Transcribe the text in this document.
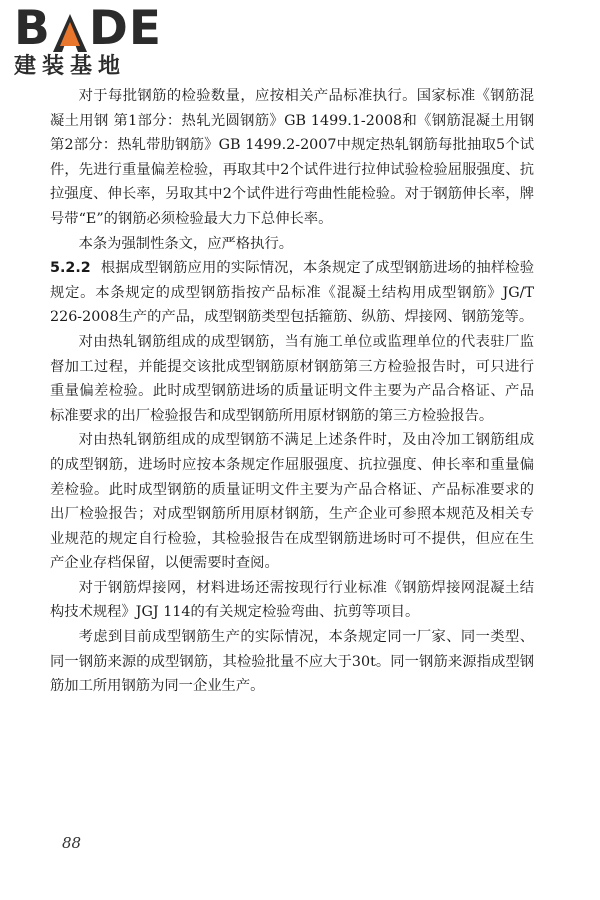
B DE
建装基地

对于每批钢筋的检验数量，应按相关产品标准执行。国家标准《钢筋混凝土用钢 第1部分：热轧光圆钢筋》GB 1499.1-2008和《钢筋混凝土用钢 第2部分：热轧带肋钢筋》GB 1499.2-2007中规定热轧钢筋每批抽取5个试件，先进行重量偏差检验，再取其中2个试件进行拉伸试验检验屈服强度、抗拉强度、伸长率，另取其中2个试件进行弯曲性能检验。对于钢筋伸长率，牌号带“E”的钢筋必须检验最大力下总伸长率。

本条为强制性条文，应严格执行。

5.2.2 根据成型钢筋应用的实际情况，本条规定了成型钢筋进场的抽样检验规定。本条规定的成型钢筋指按产品标准《混凝土结构用成型钢筋》JG/T 226-2008生产的产品，成型钢筋类型包括箍筋、纵筋、焊接网、钢筋笼等。

对由热轧钢筋组成的成型钢筋，当有施工单位或监理单位的代表驻厂监督加工过程，并能提交该批成型钢筋原材钢筋第三方检验报告时，可只进行重量偏差检验。此时成型钢筋进场的质量证明文件主要为产品合格证、产品标准要求的出厂检验报告和成型钢筋所用原材钢筋的第三方检验报告。

对由热轧钢筋组成的成型钢筋不满足上述条件时，及由冷加工钢筋组成的成型钢筋，进场时应按本条规定作屈服强度、抗拉强度、伸长率和重量偏差检验。此时成型钢筋的质量证明文件主要为产品合格证、产品标准要求的出厂检验报告；对成型钢筋所用原材钢筋，生产企业可参照本规范及相关专业规范的规定自行检验，其检验报告在成型钢筋进场时可不提供，但应在生产企业存档保留，以便需要时查阅。

对于钢筋焊接网，材料进场还需按现行行业标准《钢筋焊接网混凝土结构技术规程》JGJ 114的有关规定检验弯曲、抗剪等项目。

考虑到目前成型钢筋生产的实际情况，本条规定同一厂家、同一类型、同一钢筋来源的成型钢筋，其检验批量不应大于30t。同一钢筋来源指成型钢筋加工所用钢筋为同一企业生产。

88
